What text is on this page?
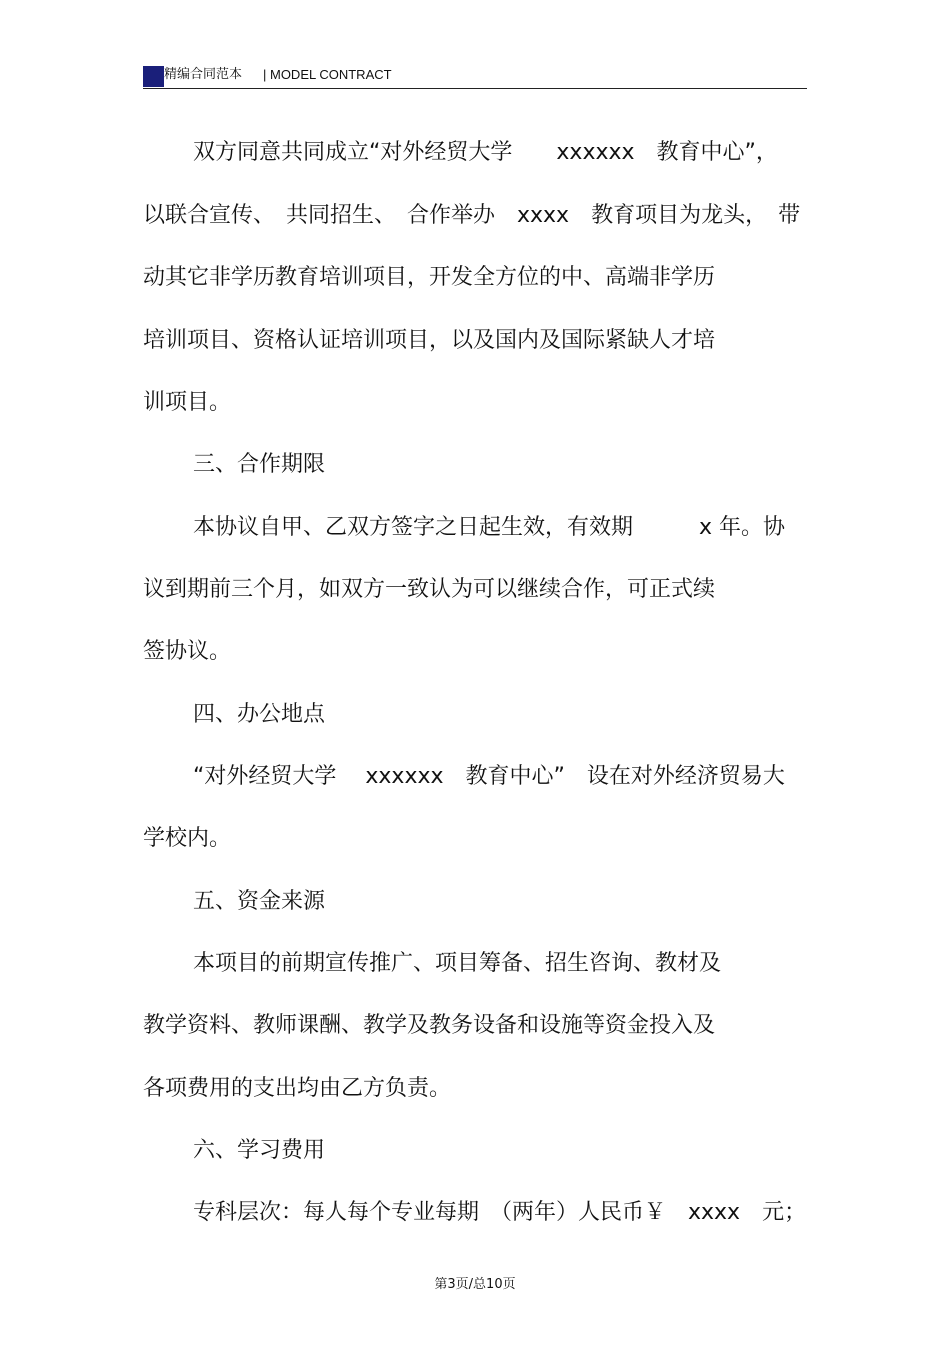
精编合同范本 | MODEL CONTRACT
双方同意共同成立“对外经贸大学　　xxxxxx　教育中心”，
以联合宣传、　共同招生、　合作举办　xxxx　教育项目为龙头，　带
动其它非学历教育培训项目，开发全方位的中、高端非学历
培训项目、资格认证培训项目，以及国内及国际紧缺人才培
训项目。
三、合作期限
本协议自甲、乙双方签字之日起生效，有效期　　　x 年。协
议到期前三个月，如双方一致认为可以继续合作，可正式续
签协议。
四、办公地点
“对外经贸大学　 xxxxxx　教育中心”　设在对外经济贸易大
学校内。
五、资金来源
本项目的前期宣传推广、项目筹备、招生咨询、教材及
教学资料、教师课酬、教学及教务设备和设施等资金投入及
各项费用的支出均由乙方负责。
六、学习费用
专科层次：每人每个专业每期　（两年）人民币￥　xxxx　元；
第3页/总10页
